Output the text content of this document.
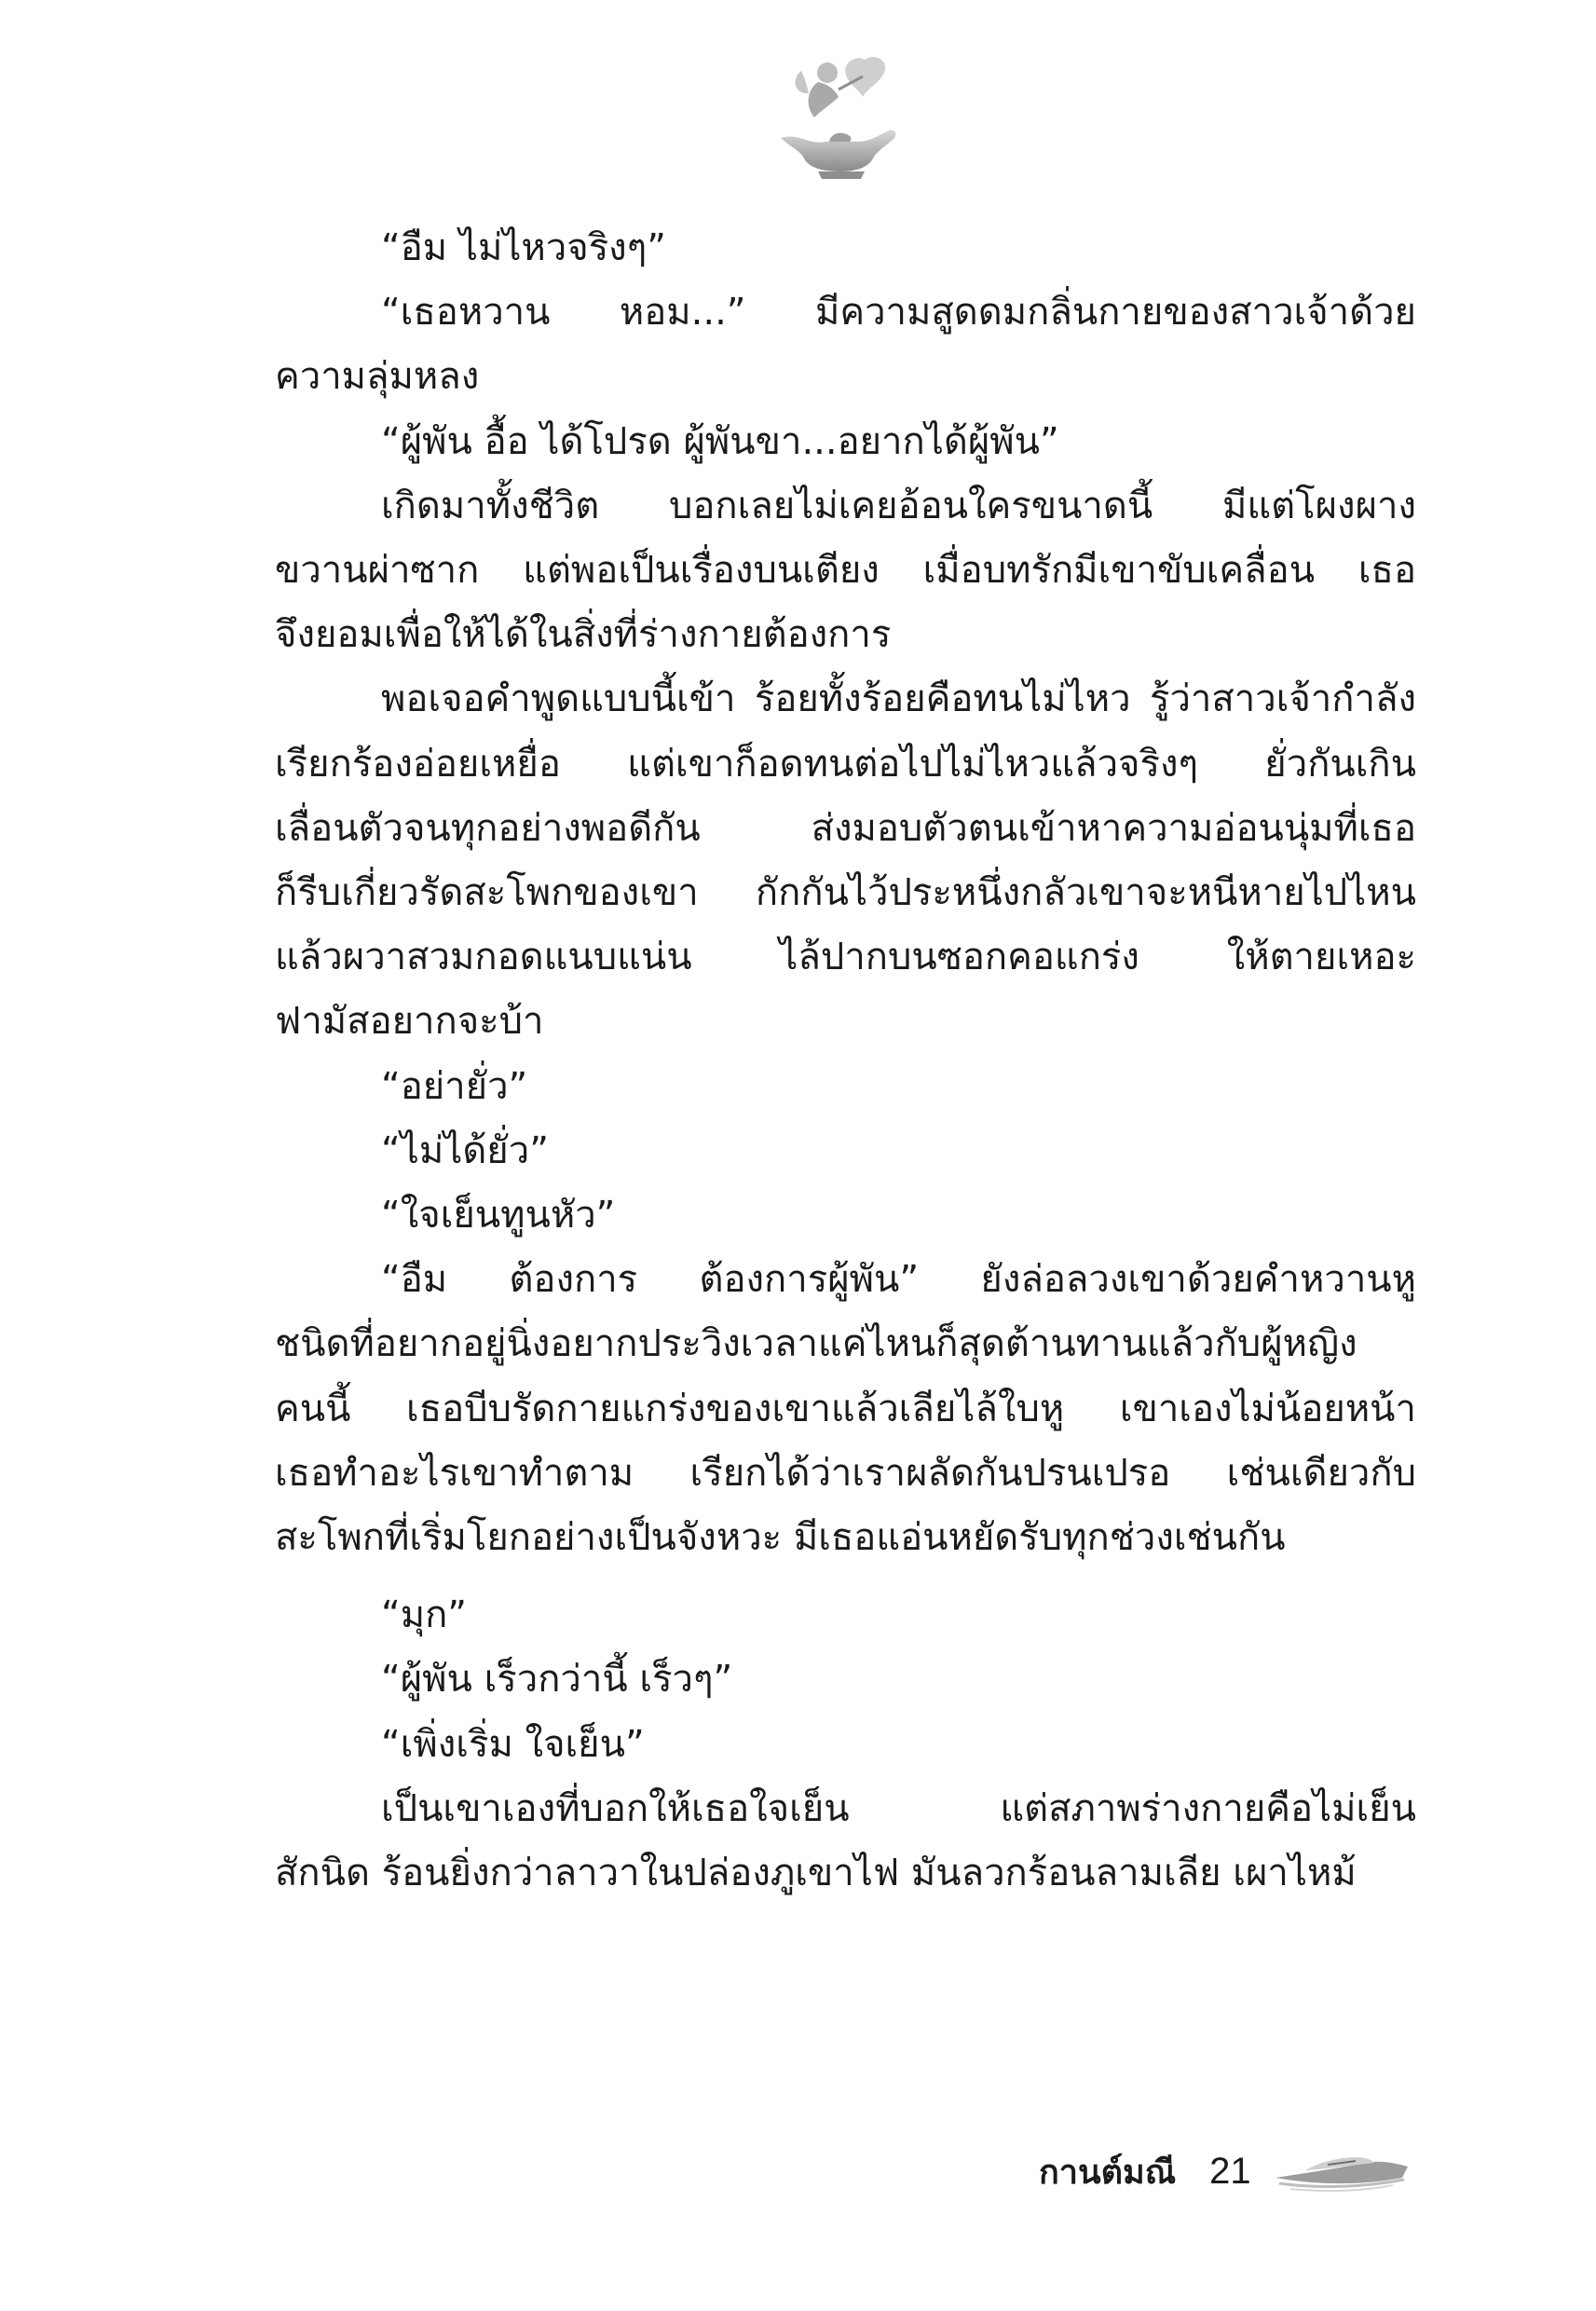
“อืม ไม่ไหวจริงๆ”
“เธอหวาน หอม...” มีความสูดดมกลิ่นกายของสาวเจ้าด้วย
ความลุ่มหลง
“ผู้พัน อื้อ ได้โปรด ผู้พันขา...อยากได้ผู้พัน”
เกิดมาทั้งชีวิต บอกเลยไม่เคยอ้อนใครขนาดนี้ มีแต่โผงผาง
ขวานผ่าซาก แต่พอเป็นเรื่องบนเตียง เมื่อบทรักมีเขาขับเคลื่อน เธอ
จึงยอมเพื่อให้ได้ในสิ่งที่ร่างกายต้องการ
พอเจอคำพูดแบบนี้เข้า ร้อยทั้งร้อยคือทนไม่ไหว รู้ว่าสาวเจ้ากำลัง
เรียกร้องอ่อยเหยื่อ แต่เขาก็อดทนต่อไปไม่ไหวแล้วจริงๆ ยั่วกันเกิน
เลื่อนตัวจนทุกอย่างพอดีกัน ส่งมอบตัวตนเข้าหาความอ่อนนุ่มที่เธอ
ก็รีบเกี่ยวรัดสะโพกของเขา กักกันไว้ประหนึ่งกลัวเขาจะหนีหายไปไหน
แล้วผวาสวมกอดแนบแน่น ไล้ปากบนซอกคอแกร่ง ให้ตายเหอะ
ฟามัสอยากจะบ้า
“อย่ายั่ว”
“ไม่ได้ยั่ว”
“ใจเย็นทูนหัว”
“อืม ต้องการ ต้องการผู้พัน” ยังล่อลวงเขาด้วยคำหวานหู
ชนิดที่อยากอยู่นิ่งอยากประวิงเวลาแค่ไหนก็สุดต้านทานแล้วกับผู้หญิง
คนนี้ เธอบีบรัดกายแกร่งของเขาแล้วเลียไล้ใบหู เขาเองไม่น้อยหน้า
เธอทำอะไรเขาทำตาม เรียกได้ว่าเราผลัดกันปรนเปรอ เช่นเดียวกับ
สะโพกที่เริ่มโยกอย่างเป็นจังหวะ มีเธอแอ่นหยัดรับทุกช่วงเช่นกัน
“มุก”
“ผู้พัน เร็วกว่านี้ เร็วๆ”
“เพิ่งเริ่ม ใจเย็น”
เป็นเขาเองที่บอกให้เธอใจเย็น แต่สภาพร่างกายคือไม่เย็น
สักนิด ร้อนยิ่งกว่าลาวาในปล่องภูเขาไฟ มันลวกร้อนลามเลีย เผาไหม้
กานต์มณี 21
